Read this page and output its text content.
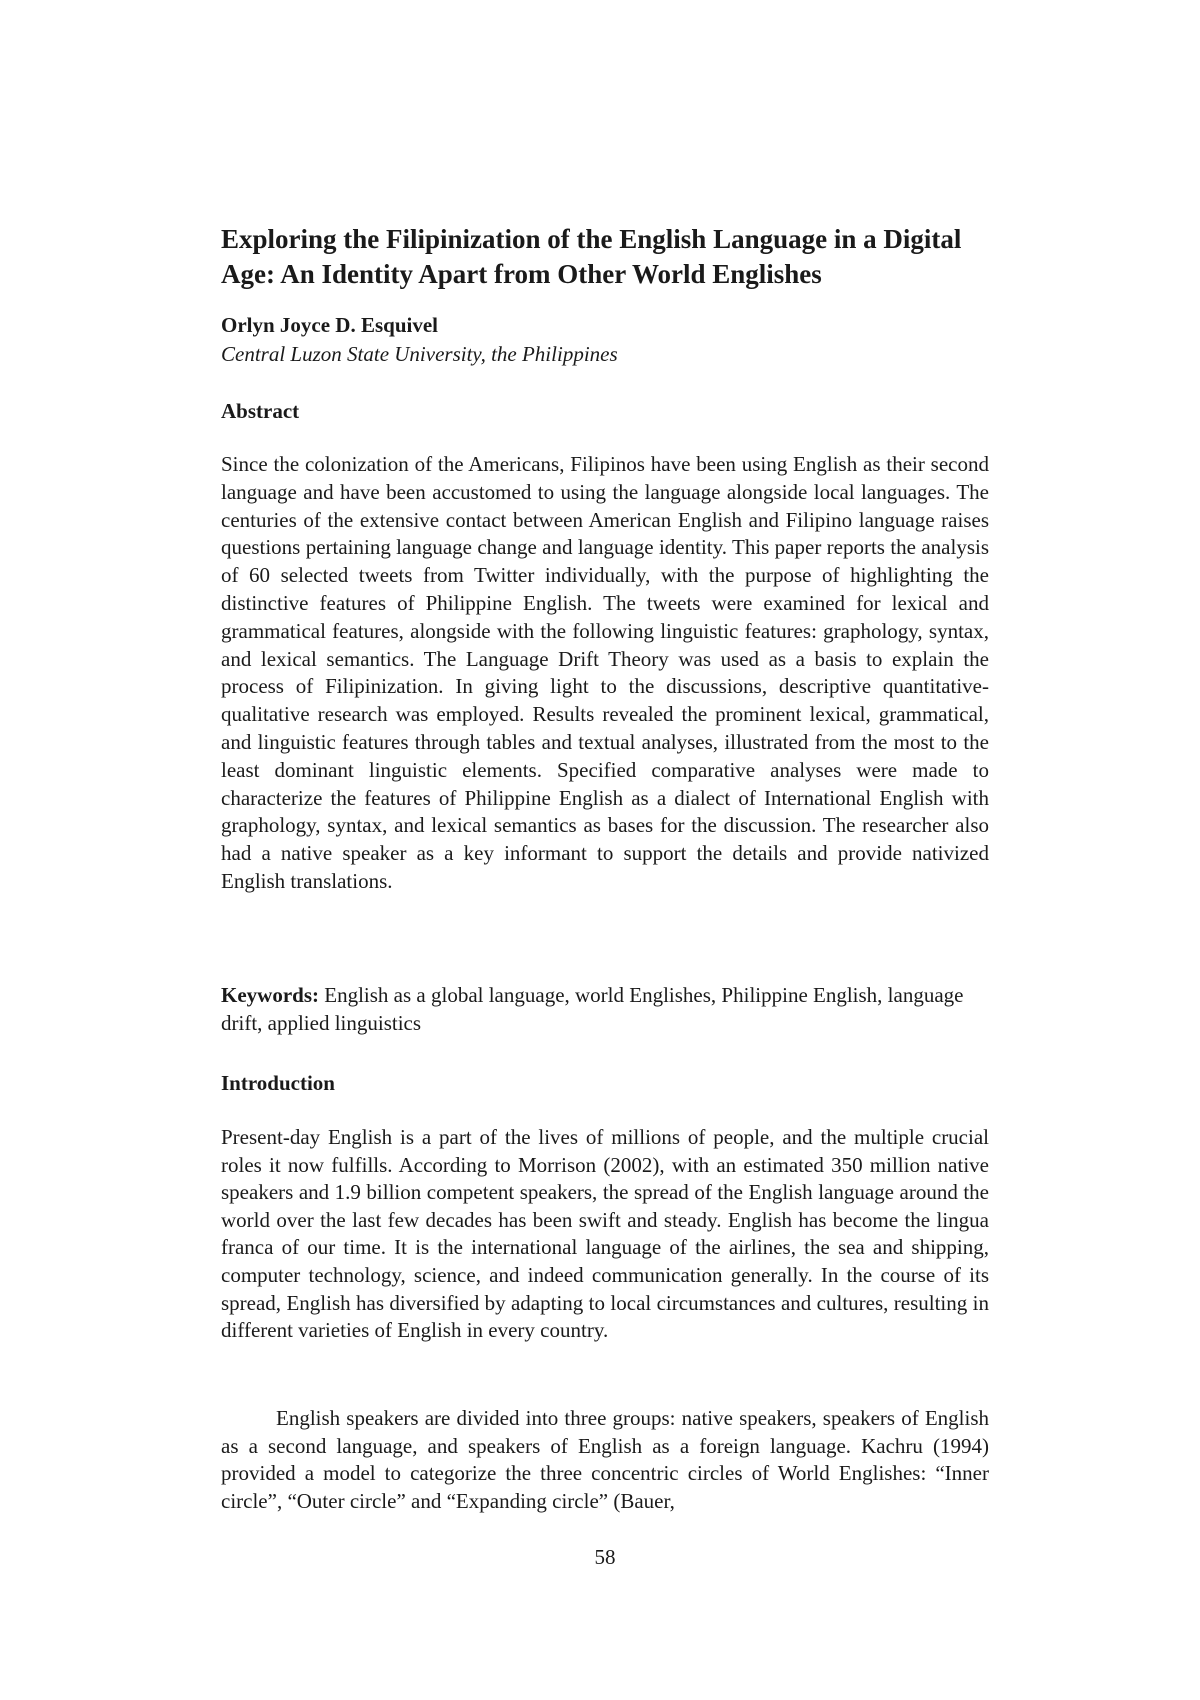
Exploring the Filipinization of the English Language in a Digital Age: An Identity Apart from Other World Englishes

Orlyn Joyce D. Esquivel

Central Luzon State University, the Philippines

Abstract

Since the colonization of the Americans, Filipinos have been using English as their second language and have been accustomed to using the language alongside local languages. The centuries of the extensive contact between American English and Filipino language raises questions pertaining language change and language identity. This paper reports the analysis of 60 selected tweets from Twitter individually, with the purpose of highlighting the distinctive features of Philippine English. The tweets were examined for lexical and grammatical features, alongside with the following linguistic features: graphology, syntax, and lexical semantics. The Language Drift Theory was used as a basis to explain the process of Filipinization. In giving light to the discussions, descriptive quantitative-qualitative research was employed. Results revealed the prominent lexical, grammatical, and linguistic features through tables and textual analyses, illustrated from the most to the least dominant linguistic elements. Specified comparative analyses were made to characterize the features of Philippine English as a dialect of International English with graphology, syntax, and lexical semantics as bases for the discussion. The researcher also had a native speaker as a key informant to support the details and provide nativized English translations.

Keywords: English as a global language, world Englishes, Philippine English, language drift, applied linguistics

Introduction

Present-day English is a part of the lives of millions of people, and the multiple crucial roles it now fulfills. According to Morrison (2002), with an estimated 350 million native speakers and 1.9 billion competent speakers, the spread of the English language around the world over the last few decades has been swift and steady. English has become the lingua franca of our time. It is the international language of the airlines, the sea and shipping, computer technology, science, and indeed communication generally. In the course of its spread, English has diversified by adapting to local circumstances and cultures, resulting in different varieties of English in every country.

English speakers are divided into three groups: native speakers, speakers of English as a second language, and speakers of English as a foreign language. Kachru (1994) provided a model to categorize the three concentric circles of World Englishes: “Inner circle”, “Outer circle” and “Expanding circle” (Bauer,

58
